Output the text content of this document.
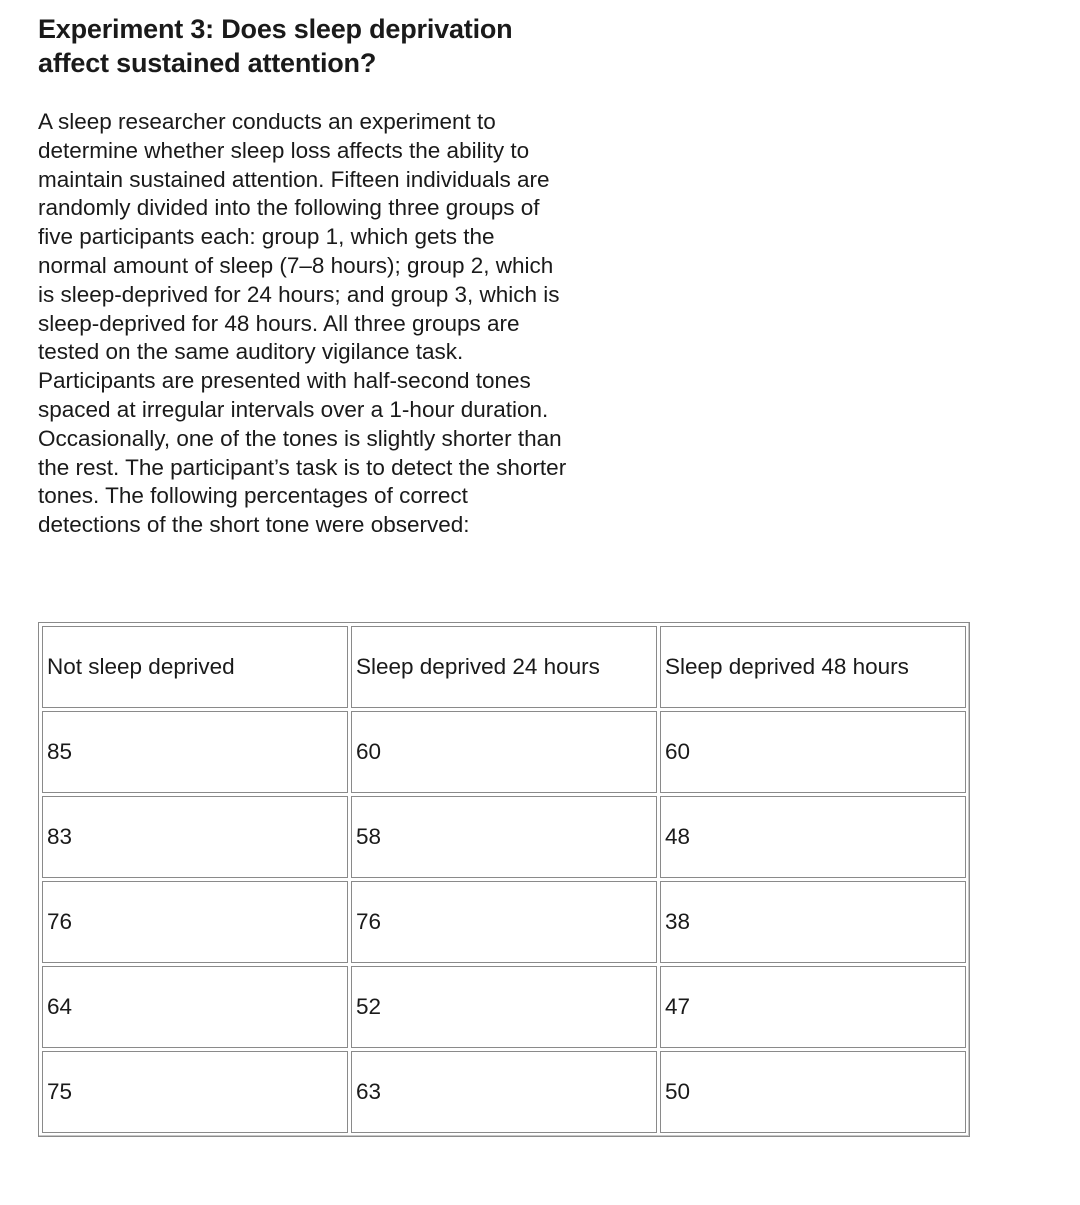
Experiment 3: Does sleep deprivation affect sustained attention?

A sleep researcher conducts an experiment to determine whether sleep loss affects the ability to maintain sustained attention. Fifteen individuals are randomly divided into the following three groups of five participants each: group 1, which gets the normal amount of sleep (7–8 hours); group 2, which is sleep-deprived for 24 hours; and group 3, which is sleep-deprived for 48 hours. All three groups are tested on the same auditory vigilance task. Participants are presented with half-second tones spaced at irregular intervals over a 1-hour duration. Occasionally, one of the tones is slightly shorter than the rest. The participant’s task is to detect the shorter tones. The following percentages of correct detections of the short tone were observed:

Not sleep deprived	Sleep deprived 24 hours	Sleep deprived 48 hours
85	60	60
83	58	48
76	76	38
64	52	47
75	63	50
